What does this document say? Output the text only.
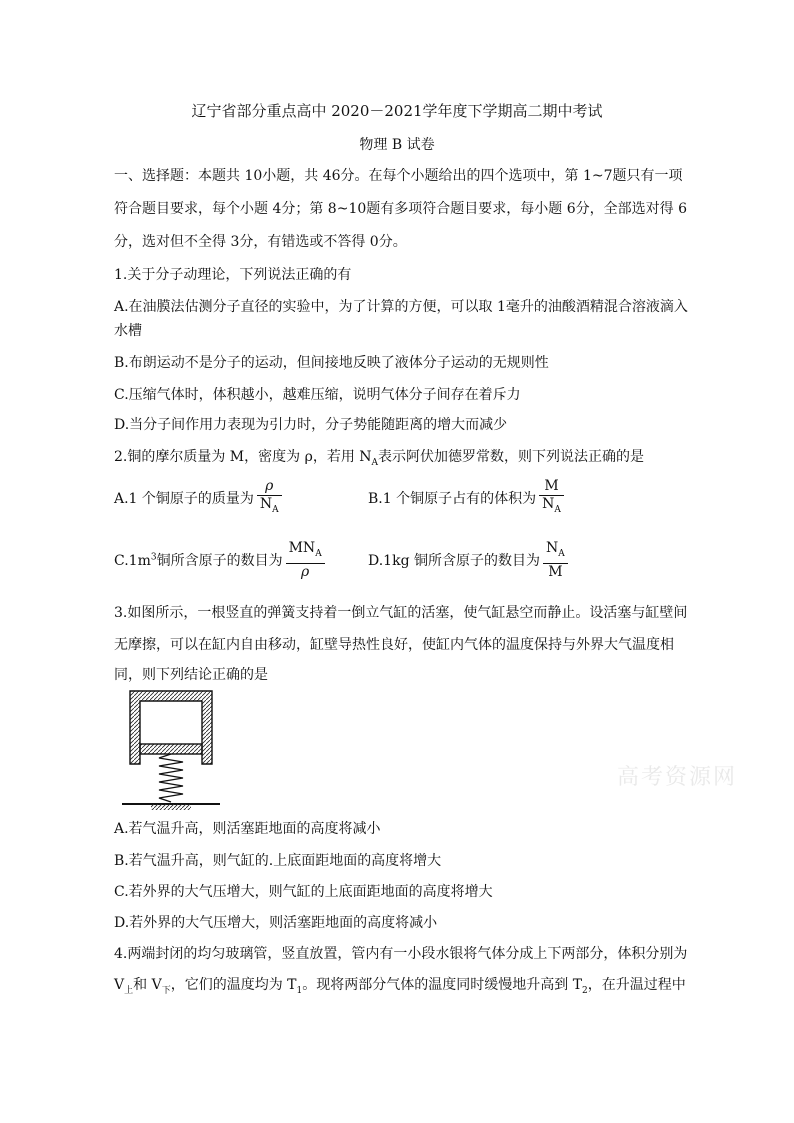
辽宁省部分重点高中 2020－2021学年度下学期高二期中考试
物理 B 试卷
一、选择题：本题共 10小题，共 46分。在每个小题给出的四个选项中，第 1~7题只有一项
符合题目要求，每个小题 4分；第 8~10题有多项符合题目要求，每小题 6分，全部选对得 6
分，选对但不全得 3分，有错选或不答得 0分。
1.关于分子动理论，下列说法正确的有
A.在油膜法估测分子直径的实验中，为了计算的方便，可以取 1毫升的油酸酒精混合溶液滴入
水槽
B.布朗运动不是分子的运动，但间接地反映了液体分子运动的无规则性
C.压缩气体时，体积越小，越难压缩，说明气体分子间存在着斥力
D.当分子间作用力表现为引力时，分子势能随距离的增大而减少
2.铜的摩尔质量为 M，密度为 ρ，若用 $N_A$表示阿伏加德罗常数，则下列说法正确的是
A.1 个铜原子的质量为 $\frac{\rho}{N_A}$	B.1 个铜原子占有的体积为 $\frac{M}{N_A}$
$C.1m^3$铜所含原子的数目为 $\frac{MN_A}{\rho}$	D.1kg 铜所含原子的数目为 $\frac{N_A}{M}$
3.如图所示，一根竖直的弹簧支持着一倒立气缸的活塞，使气缸悬空而静止。设活塞与缸壁间
无摩擦，可以在缸内自由移动，缸壁导热性良好，使缸内气体的温度保持与外界大气温度相
同，则下列结论正确的是
高考资源网
A.若气温升高，则活塞距地面的高度将减小
B.若气温升高，则气缸的.上底面距地面的高度将增大
C.若外界的大气压增大，则气缸的上底面距地面的高度将增大
D.若外界的大气压增大，则活塞距地面的高度将减小
4.两端封闭的均匀玻璃管，竖直放置，管内有一小段水银将气体分成上下两部分，体积分别为
$V_上$和 $V_下$，它们的温度均为 $T_1$。现将两部分气体的温度同时缓慢地升高到 $T_2$，在升温过程中
